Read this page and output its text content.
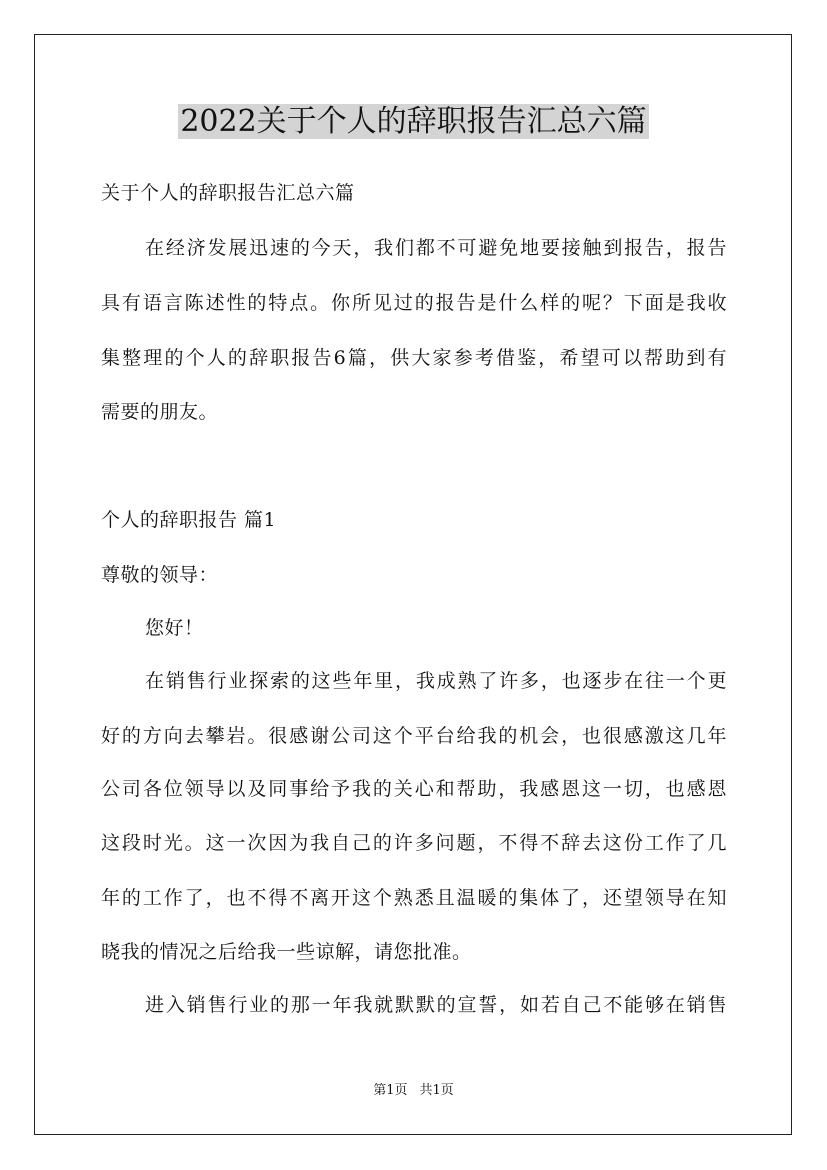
2022关于个人的辞职报告汇总六篇
关于个人的辞职报告汇总六篇
在经济发展迅速的今天，我们都不可避免地要接触到报告，报告
具有语言陈述性的特点。你所见过的报告是什么样的呢？下面是我收
集整理的个人的辞职报告6篇，供大家参考借鉴，希望可以帮助到有
需要的朋友。
个人的辞职报告 篇1
尊敬的领导：
您好！
在销售行业探索的这些年里，我成熟了许多，也逐步在往一个更
好的方向去攀岩。很感谢公司这个平台给我的机会，也很感激这几年
公司各位领导以及同事给予我的关心和帮助，我感恩这一切，也感恩
这段时光。这一次因为我自己的许多问题，不得不辞去这份工作了几
年的工作了，也不得不离开这个熟悉且温暖的集体了，还望领导在知
晓我的情况之后给我一些谅解，请您批准。
进入销售行业的那一年我就默默的宣誓，如若自己不能够在销售
第1页 共1页
